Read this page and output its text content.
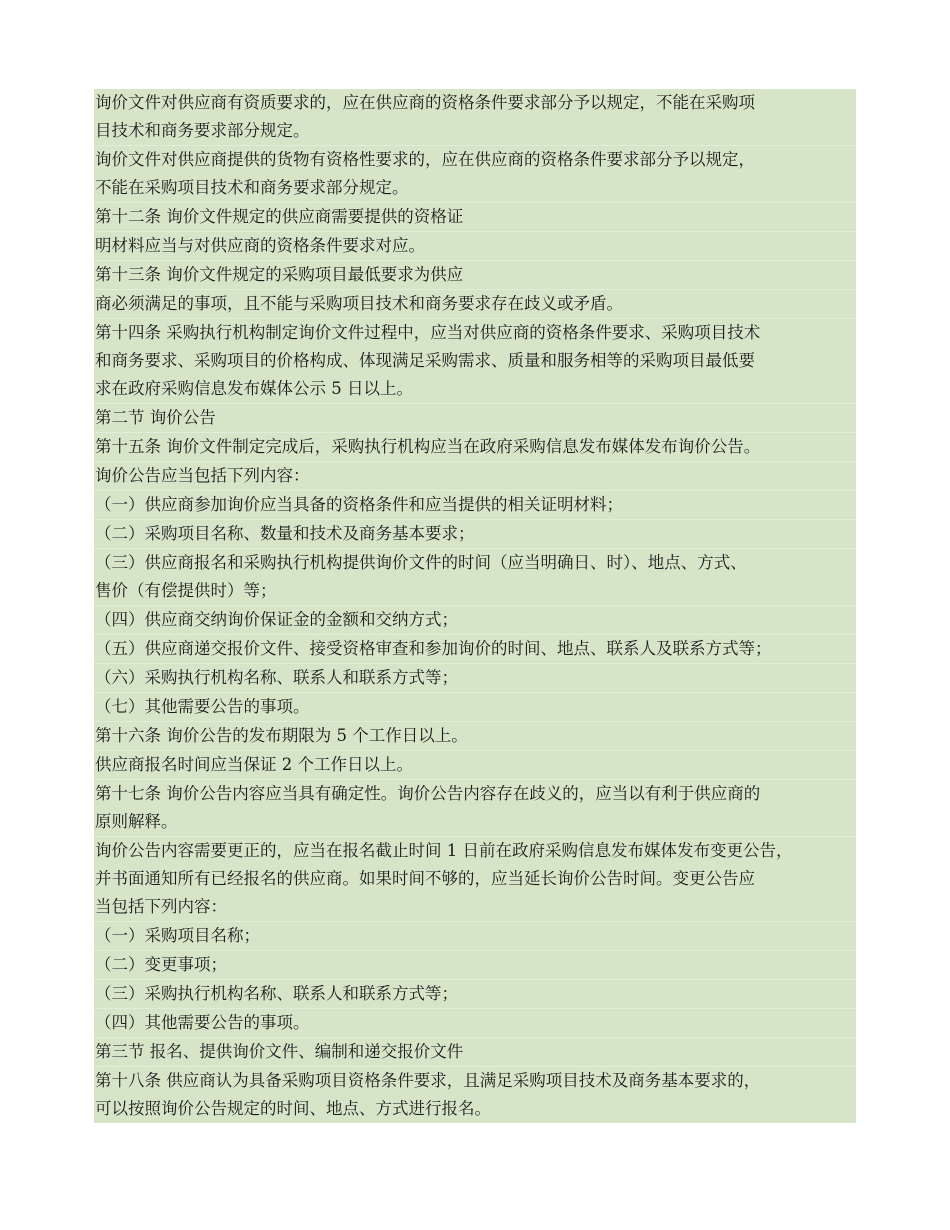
询价文件对供应商有资质要求的，应在供应商的资格条件要求部分予以规定，不能在采购项
目技术和商务要求部分规定。
询价文件对供应商提供的货物有资格性要求的，应在供应商的资格条件要求部分予以规定，
不能在采购项目技术和商务要求部分规定。
第十二条 询价文件规定的供应商需要提供的资格证
明材料应当与对供应商的资格条件要求对应。
第十三条 询价文件规定的采购项目最低要求为供应
商必须满足的事项，且不能与采购项目技术和商务要求存在歧义或矛盾。
第十四条 采购执行机构制定询价文件过程中，应当对供应商的资格条件要求、采购项目技术
和商务要求、采购项目的价格构成、体现满足采购需求、质量和服务相等的采购项目最低要
求在政府采购信息发布媒体公示 5 日以上。
第二节 询价公告
第十五条 询价文件制定完成后，采购执行机构应当在政府采购信息发布媒体发布询价公告。
询价公告应当包括下列内容：
（一）供应商参加询价应当具备的资格条件和应当提供的相关证明材料；
（二）采购项目名称、数量和技术及商务基本要求；
（三）供应商报名和采购执行机构提供询价文件的时间（应当明确日、时）、地点、方式、
售价（有偿提供时）等；
（四）供应商交纳询价保证金的金额和交纳方式；
（五）供应商递交报价文件、接受资格审查和参加询价的时间、地点、联系人及联系方式等；
（六）采购执行机构名称、联系人和联系方式等；
（七）其他需要公告的事项。
第十六条 询价公告的发布期限为 5 个工作日以上。
供应商报名时间应当保证 2 个工作日以上。
第十七条 询价公告内容应当具有确定性。询价公告内容存在歧义的，应当以有利于供应商的
原则解释。
询价公告内容需要更正的，应当在报名截止时间 1 日前在政府采购信息发布媒体发布变更公告，
并书面通知所有已经报名的供应商。如果时间不够的，应当延长询价公告时间。变更公告应
当包括下列内容：
（一）采购项目名称；
（二）变更事项；
（三）采购执行机构名称、联系人和联系方式等；
（四）其他需要公告的事项。
第三节 报名、提供询价文件、编制和递交报价文件
第十八条 供应商认为具备采购项目资格条件要求，且满足采购项目技术及商务基本要求的，
可以按照询价公告规定的时间、地点、方式进行报名。
